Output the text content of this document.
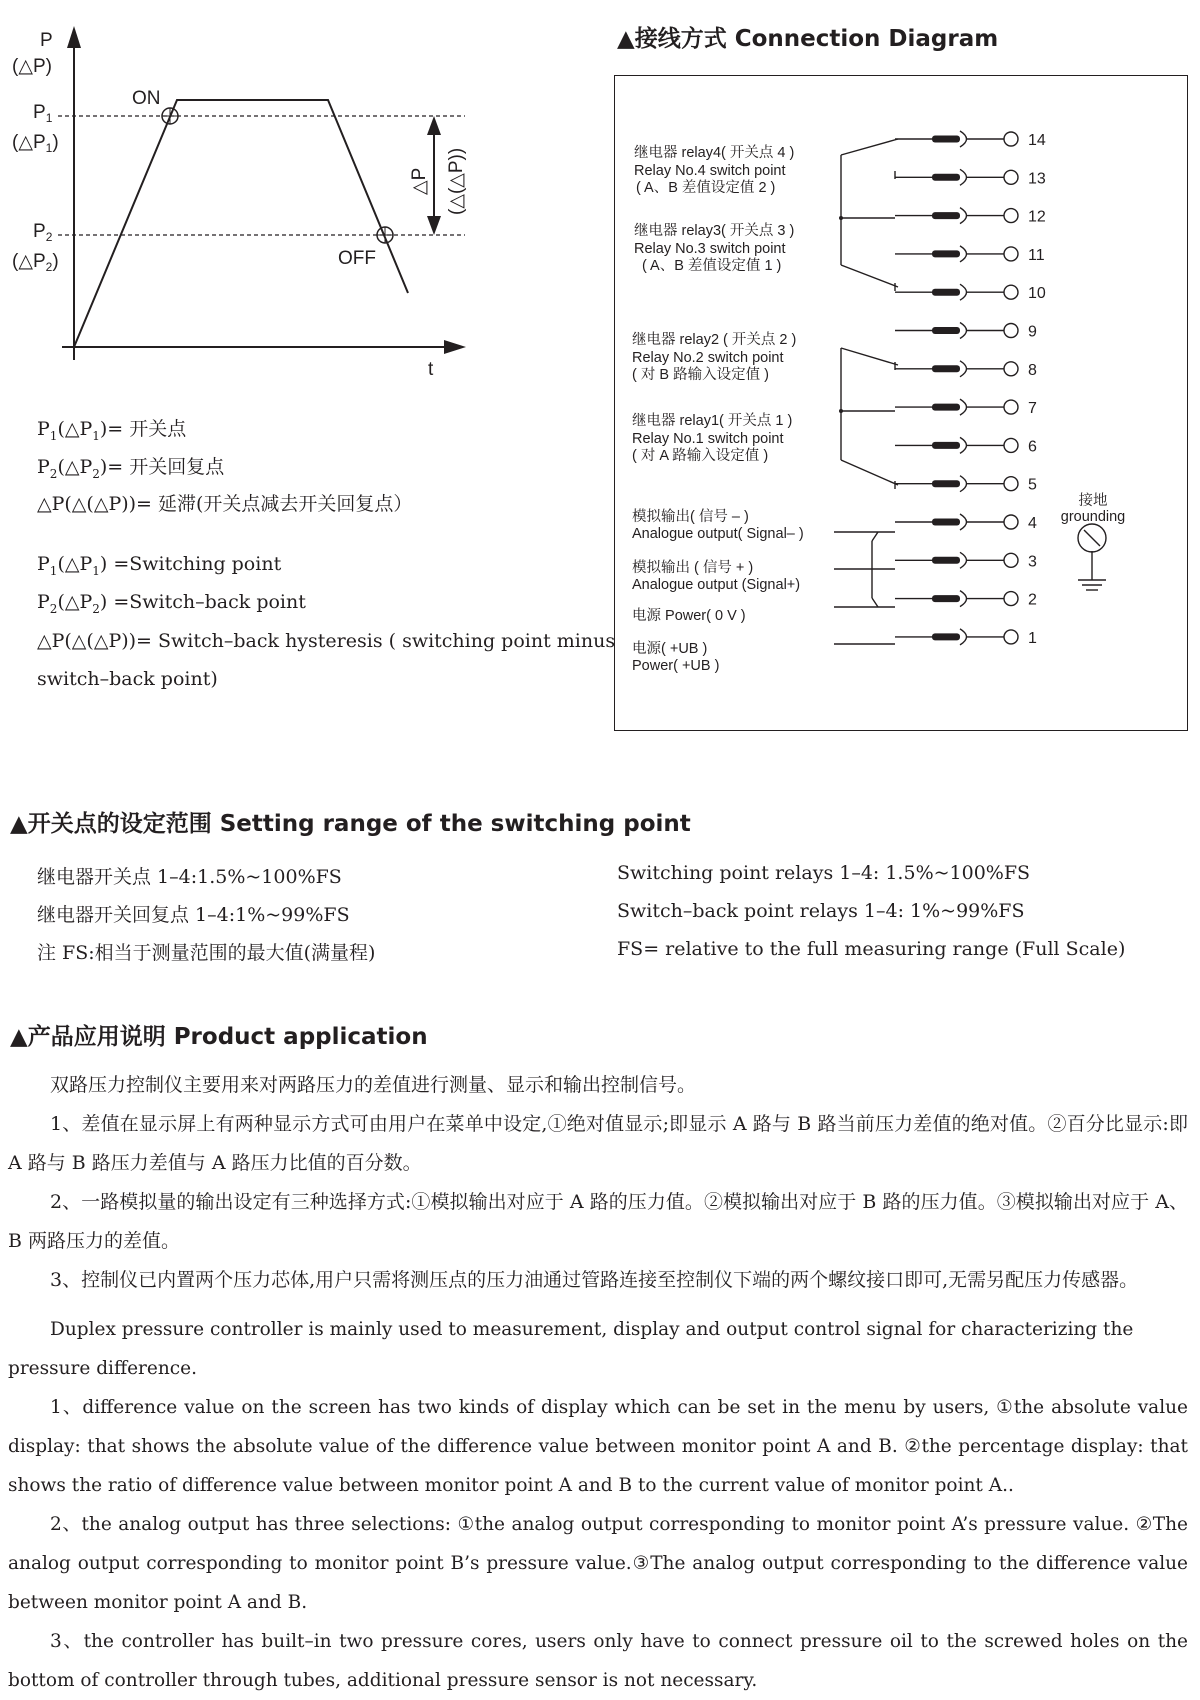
P
(△P)
t
$P_1$
$(\triangle P_1)$
$P_2$
$(\triangle P_2)$
ON
OFF
△P (△(△P))
$P_1(\triangle P_1)=$ 开关点
$P_2(\triangle P_2)=$ 开关回复点
△P(△(△P))= 延滞(开关点减去开关回复点）
$P_1(\triangle P_1)$ =Switching point
$P_2(\triangle P_2)$ =Switch–back point
△P(△(△P))= Switch–back hysteresis ( switching point minus
switch–back point)
▲接线方式 Connection Diagram
14
13
12
11
10
9
8
7
6
5
4
3
2
1
继电器 relay4( 开关点 4 )
Relay No.4 switch point
( A、B 差值设定值 2 )
继电器 relay3( 开关点 3 )
Relay No.3 switch point
( A、B 差值设定值 1 )
继电器 relay2 ( 开关点 2 )
Relay No.2 switch point
( 对 B 路输入设定值 )
继电器 relay1( 开关点 1 )
Relay No.1 switch point
( 对 A 路输入设定值 )
模拟输出( 信号 – )
Analogue output( Signal– )
模拟输出 ( 信号 + )
Analogue output (Signal+)
电源 Power( 0 V )
电源( +UB )
Power( +UB )
接地
grounding
▲开关点的设定范围 Setting range of the switching point
继电器开关点 1–4:1.5%~100%FS
继电器开关回复点 1–4:1%~99%FS
注 FS:相当于测量范围的最大值(满量程)
Switching point relays 1–4: 1.5%~100%FS
Switch–back point relays 1–4: 1%~99%FS
FS= relative to the full measuring range (Full Scale)
▲产品应用说明 Product application
双路压力控制仪主要用来对两路压力的差值进行测量、显示和输出控制信号。
1、差值在显示屏上有两种显示方式可由用户在菜单中设定,①绝对值显示;即显示 A 路与 B 路当前压力差值的绝对值。②百分比显示:即 A 路与 B 路压力差值与 A 路压力比值的百分数。
2、一路模拟量的输出设定有三种选择方式:①模拟输出对应于 A 路的压力值。②模拟输出对应于 B 路的压力值。③模拟输出对应于 A、B 两路压力的差值。
3、控制仪已内置两个压力芯体,用户只需将测压点的压力油通过管路连接至控制仪下端的两个螺纹接口即可,无需另配压力传感器。
Duplex pressure controller is mainly used to measurement, display and output control signal for characterizing the pressure difference.
1、difference value on the screen has two kinds of display which can be set in the menu by users, ①the absolute value display: that shows the absolute value of the difference value between monitor point A and B. ②the percentage display: that shows the ratio of difference value between monitor point A and B to the current value of monitor point A..
2、the analog output has three selections: ①the analog output corresponding to monitor point A’s pressure value. ②The analog output corresponding to monitor point B’s pressure value.③The analog output corresponding to the difference value between monitor point A and B.
3、the controller has built–in two pressure cores, users only have to connect pressure oil to the screwed holes on the bottom of controller through tubes, additional pressure sensor is not necessary.
